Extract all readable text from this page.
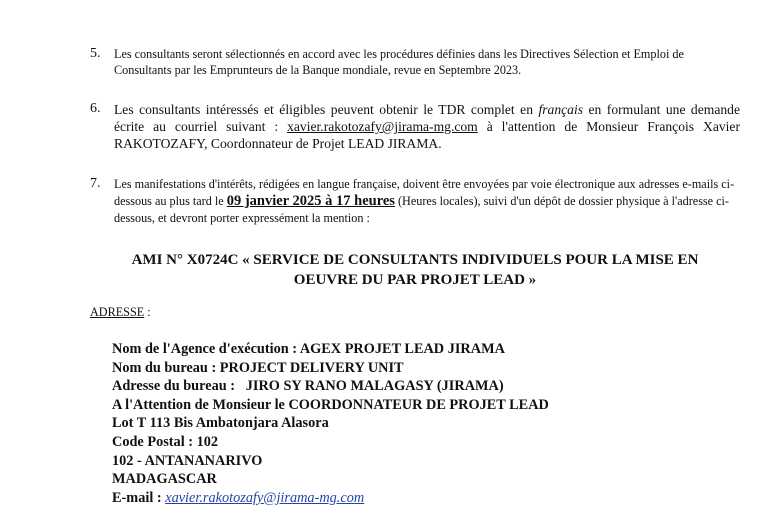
5. Les consultants seront sélectionnés en accord avec les procédures définies dans les Directives Sélection et Emploi de Consultants par les Emprunteurs de la Banque mondiale, revue en Septembre 2023.
6. Les consultants intéressés et éligibles peuvent obtenir le TDR complet en français en formulant une demande écrite au courriel suivant : xavier.rakotozafy@jirama-mg.com à l'attention de Monsieur François Xavier RAKOTOZAFY, Coordonnateur de Projet LEAD JIRAMA.
7. Les manifestations d'intérêts, rédigées en langue française, doivent être envoyées par voie électronique aux adresses e-mails ci-dessous au plus tard le 09 janvier 2025 à 17 heures (Heures locales), suivi d'un dépôt de dossier physique à l'adresse ci-dessous, et devront porter expressément la mention :
AMI N° X0724C « SERVICE DE CONSULTANTS INDIVIDUELS POUR LA MISE EN
OEUVRE DU PAR PROJET LEAD »
ADRESSE :
Nom de l'Agence d'exécution : AGEX PROJET LEAD JIRAMA
Nom du bureau : PROJECT DELIVERY UNIT
Adresse du bureau :   JIRO SY RANO MALAGASY (JIRAMA)
A l'Attention de Monsieur le COORDONNATEUR DE PROJET LEAD
Lot T 113 Bis Ambatonjara Alasora
Code Postal : 102
102 - ANTANANARIVO
MADAGASCAR
E-mail : xavier.rakotozafy@jirama-mg.com
